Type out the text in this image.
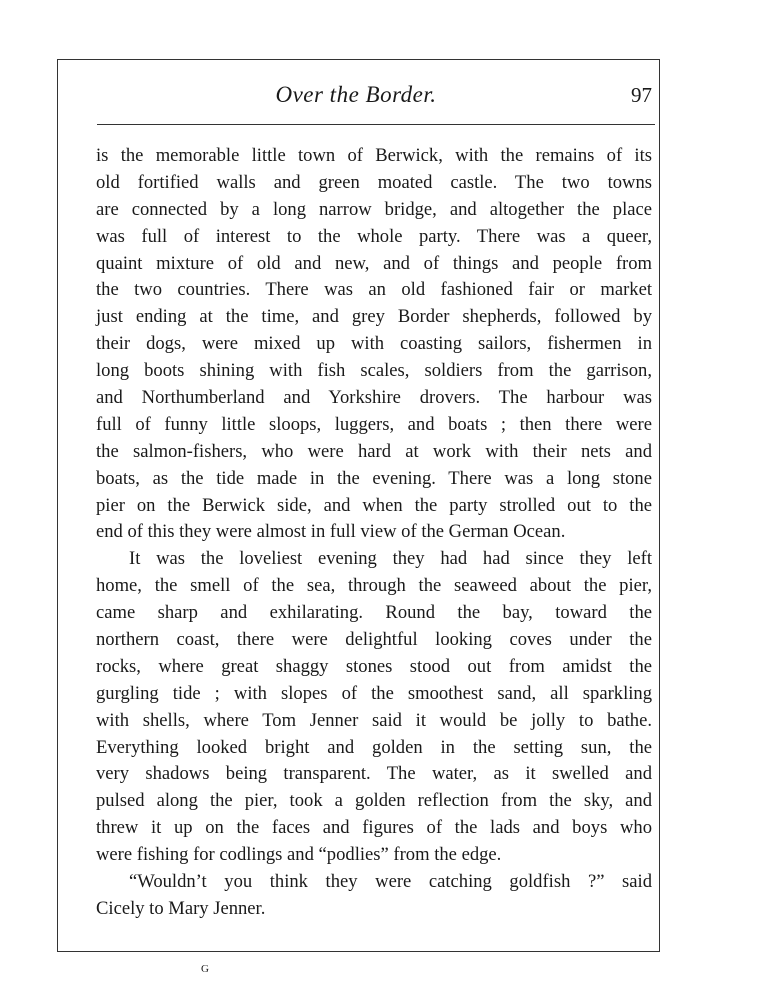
Over the Border.	97
is the memorable little town of Berwick, with the remains of its
old fortified walls and green moated castle. The two towns
are connected by a long narrow bridge, and altogether the place
was full of interest to the whole party. There was a queer,
quaint mixture of old and new, and of things and people from
the two countries. There was an old fashioned fair or market
just ending at the time, and grey Border shepherds, followed by
their dogs, were mixed up with coasting sailors, fishermen in
long boots shining with fish scales, soldiers from the garrison,
and Northumberland and Yorkshire drovers. The harbour was
full of funny little sloops, luggers, and boats ; then there were
the salmon-fishers, who were hard at work with their nets and
boats, as the tide made in the evening. There was a long stone
pier on the Berwick side, and when the party strolled out to the
end of this they were almost in full view of the German Ocean.
It was the loveliest evening they had had since they left
home, the smell of the sea, through the seaweed about the pier,
came sharp and exhilarating. Round the bay, toward the
northern coast, there were delightful looking coves under the
rocks, where great shaggy stones stood out from amidst the
gurgling tide ; with slopes of the smoothest sand, all sparkling
with shells, where Tom Jenner said it would be jolly to bathe.
Everything looked bright and golden in the setting sun, the
very shadows being transparent. The water, as it swelled and
pulsed along the pier, took a golden reflection from the sky, and
threw it up on the faces and figures of the lads and boys who
were fishing for codlings and “podlies” from the edge.
“Wouldn’t you think they were catching goldfish ?” said
Cicely to Mary Jenner.
G
